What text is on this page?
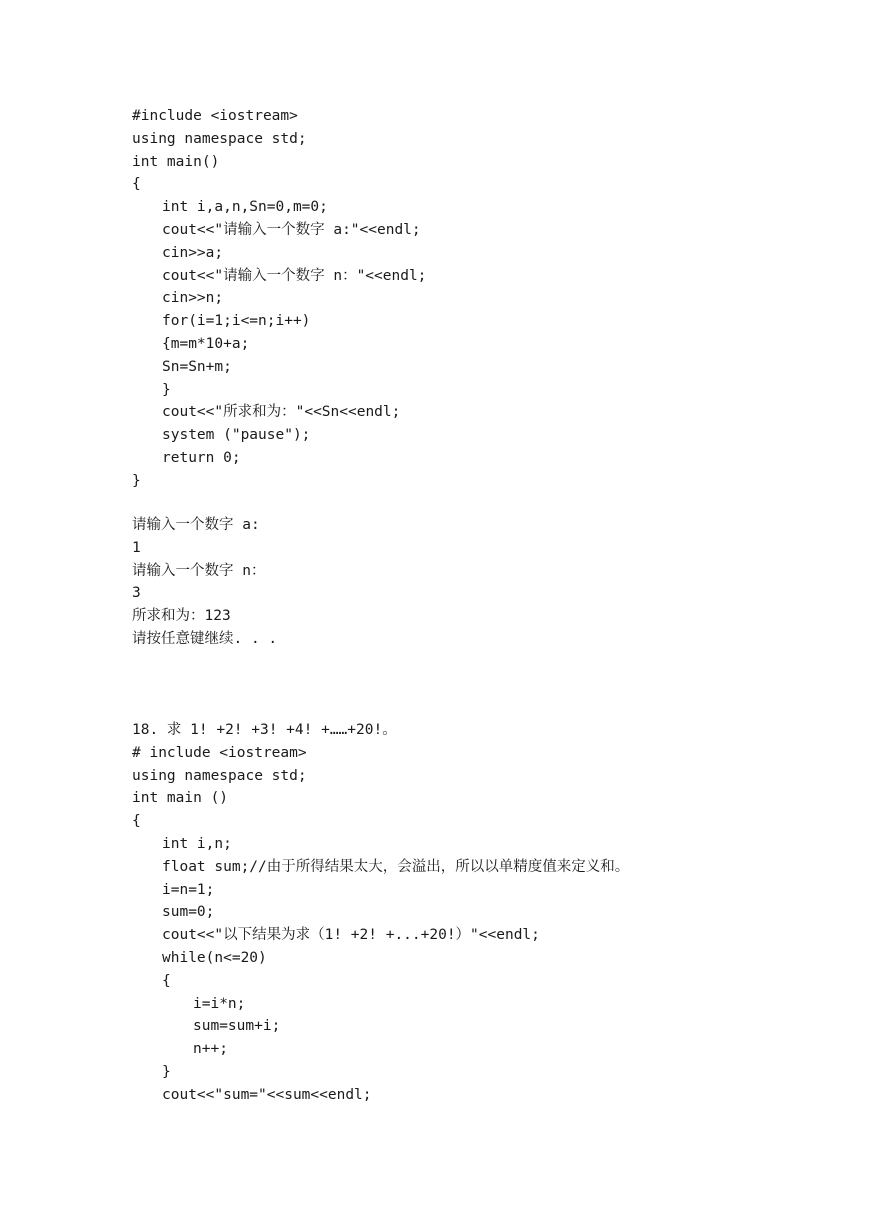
#include <iostream>
using namespace std;
int main()
{
int i,a,n,Sn=0,m=0;
cout<<"请输入一个数字 a:"<<endl;
cin>>a;
cout<<"请输入一个数字 n："<<endl;
cin>>n;
for(i=1;i<=n;i++)
{m=m*10+a;
Sn=Sn+m;
}
cout<<"所求和为："<<Sn<<endl;
system ("pause");
return 0;
}
请输入一个数字 a:
1
请输入一个数字 n：
3
所求和为：123
请按任意键继续. . .
18. 求 1! +2! +3! +4! +……+20!。
# include <iostream>
using namespace std;
int main ()
{
int i,n;
float sum;//由于所得结果太大，会溢出，所以以单精度值来定义和。
i=n=1;
sum=0;
cout<<"以下结果为求（1! +2! +...+20!）"<<endl;
while(n<=20)
{
i=i*n;
sum=sum+i;
n++;
}
cout<<"sum="<<sum<<endl;
